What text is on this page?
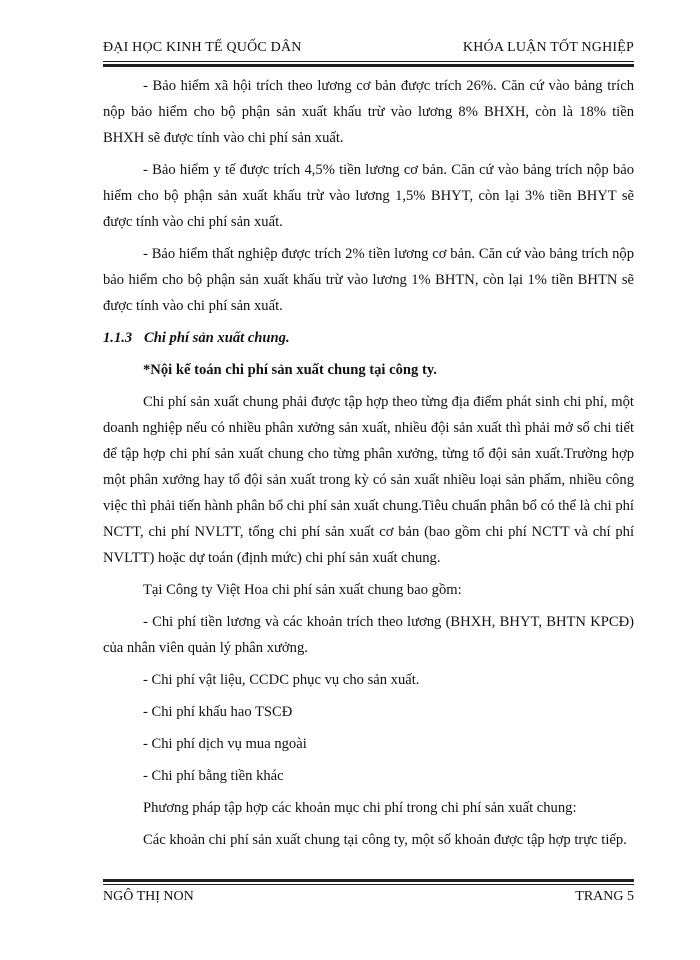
ĐẠI HỌC KINH TẾ QUỐC DÂN	KHÓA LUẬN TỐT NGHIỆP

- Bảo hiểm xã hội trích theo lương cơ bản được trích 26%. Căn cứ vào bảng trích nộp bảo hiểm cho bộ phận sản xuất khấu trừ vào lương 8% BHXH, còn là 18% tiền BHXH sẽ được tính vào chi phí sản xuất.

- Bảo hiểm y tế được trích 4,5% tiền lương cơ bản. Căn cứ vào bảng trích nộp bảo hiểm cho bộ phận sản xuất khấu trừ vào lương 1,5% BHYT, còn lại 3% tiền BHYT sẽ được tính vào chi phí sản xuất.

- Bảo hiểm thất nghiệp được trích 2% tiền lương cơ bản. Căn cứ vào bảng trích nộp bảo hiểm cho bộ phận sản xuất khấu trừ vào lương 1% BHTN, còn lại 1% tiền BHTN sẽ được tính vào chi phí sản xuất.

1.1.3 Chi phí sản xuất chung.

*Nội kế toán chi phí sản xuất chung tại công ty.

Chi phí sản xuất chung phải được tập hợp theo từng địa điểm phát sinh chi phí, một doanh nghiệp nếu có nhiều phân xưởng sản xuất, nhiều đội sản xuất thì phải mở sổ chi tiết để tập hợp chi phí sản xuất chung cho từng phân xưởng, từng tổ đội sản xuất.Trường hợp một phân xưởng hay tổ đội sản xuất trong kỳ có sản xuất nhiều loại sản phẩm, nhiều công việc thì phải tiến hành phân bổ chi phí sản xuất chung.Tiêu chuẩn phân bổ có thể là chi phí NCTT, chi phí NVLTT, tổng chi phí sản xuất cơ bản (bao gồm chi phí NCTT và chí phí NVLTT) hoặc dự toán (định mức) chi phí sản xuất chung.

Tại Công ty Việt Hoa chi phí sản xuất chung bao gồm:

- Chi phí tiền lương và các khoản trích theo lương (BHXH, BHYT, BHTN KPCĐ) của nhân viên quản lý phân xưởng.

- Chi phí vật liệu, CCDC phục vụ cho sản xuất.

- Chi phí khấu hao TSCĐ

- Chi phí dịch vụ mua ngoài

- Chi phí bằng tiền khác

Phương pháp tập hợp các khoản mục chi phí trong chi phí sản xuất chung:

Các khoản chi phí sản xuất chung tại công ty, một số khoản được tập hợp trực tiếp.

NGÔ THỊ NON	TRANG 5
